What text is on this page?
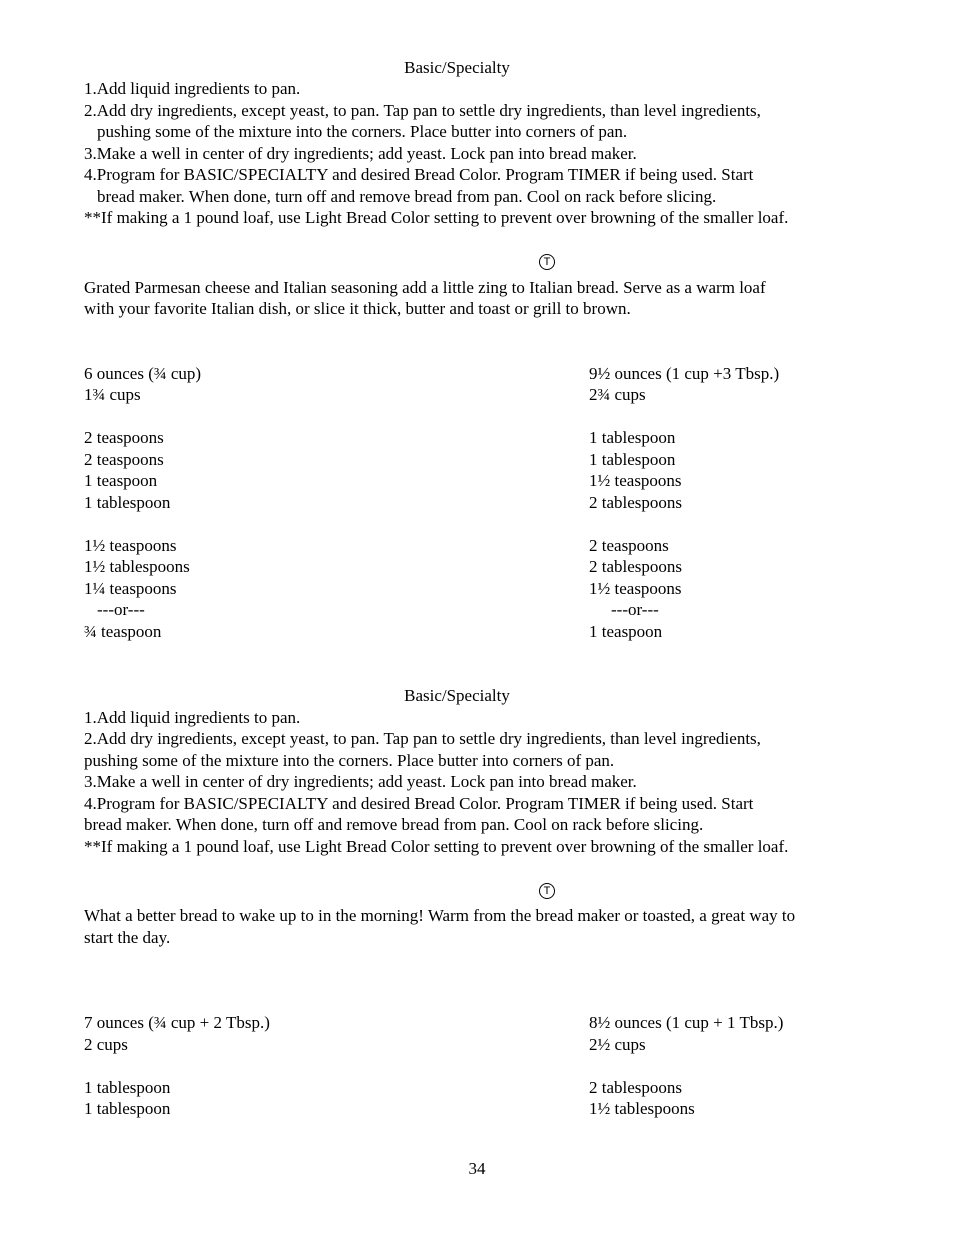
Basic/Specialty
1.Add liquid ingredients to pan.
2.Add dry ingredients, except yeast, to pan. Tap pan to settle dry ingredients, than level ingredients,
pushing some of the mixture into the corners. Place butter into corners of pan.
3.Make a well in center of dry ingredients; add yeast. Lock pan into bread maker.
4.Program for BASIC/SPECIALTY and desired Bread Color. Program TIMER if being used. Start
bread maker. When done, turn off and remove bread from pan. Cool on rack before slicing.
**If making a 1 pound loaf, use Light Bread Color setting to prevent over browning of the smaller loaf.
T
Grated Parmesan cheese and Italian seasoning add a little zing to Italian bread. Serve as a warm loaf
with your favorite Italian dish, or slice it thick, butter and toast or grill to brown.
6 ounces (¾ cup)
1¾ cups
2 teaspoons
2 teaspoons
1 teaspoon
1 tablespoon
1½ teaspoons
1½ tablespoons
1¼ teaspoons
---or---
¾ teaspoon
9½ ounces (1 cup +3 Tbsp.)
2¾ cups
1 tablespoon
1 tablespoon
1½ teaspoons
2 tablespoons
2 teaspoons
2 tablespoons
1½ teaspoons
---or---
1 teaspoon
Basic/Specialty
1.Add liquid ingredients to pan.
2.Add dry ingredients, except yeast, to pan. Tap pan to settle dry ingredients, than level ingredients,
pushing some of the mixture into the corners. Place butter into corners of pan.
3.Make a well in center of dry ingredients; add yeast. Lock pan into bread maker.
4.Program for BASIC/SPECIALTY and desired Bread Color. Program TIMER if being used. Start
bread maker. When done, turn off and remove bread from pan. Cool on rack before slicing.
**If making a 1 pound loaf, use Light Bread Color setting to prevent over browning of the smaller loaf.
T
What a better bread to wake up to in the morning! Warm from the bread maker or toasted, a great way to
start the day.
7 ounces (¾ cup + 2 Tbsp.)
2 cups
1 tablespoon
1 tablespoon
8½ ounces (1 cup + 1 Tbsp.)
2½ cups
2 tablespoons
1½ tablespoons
34
